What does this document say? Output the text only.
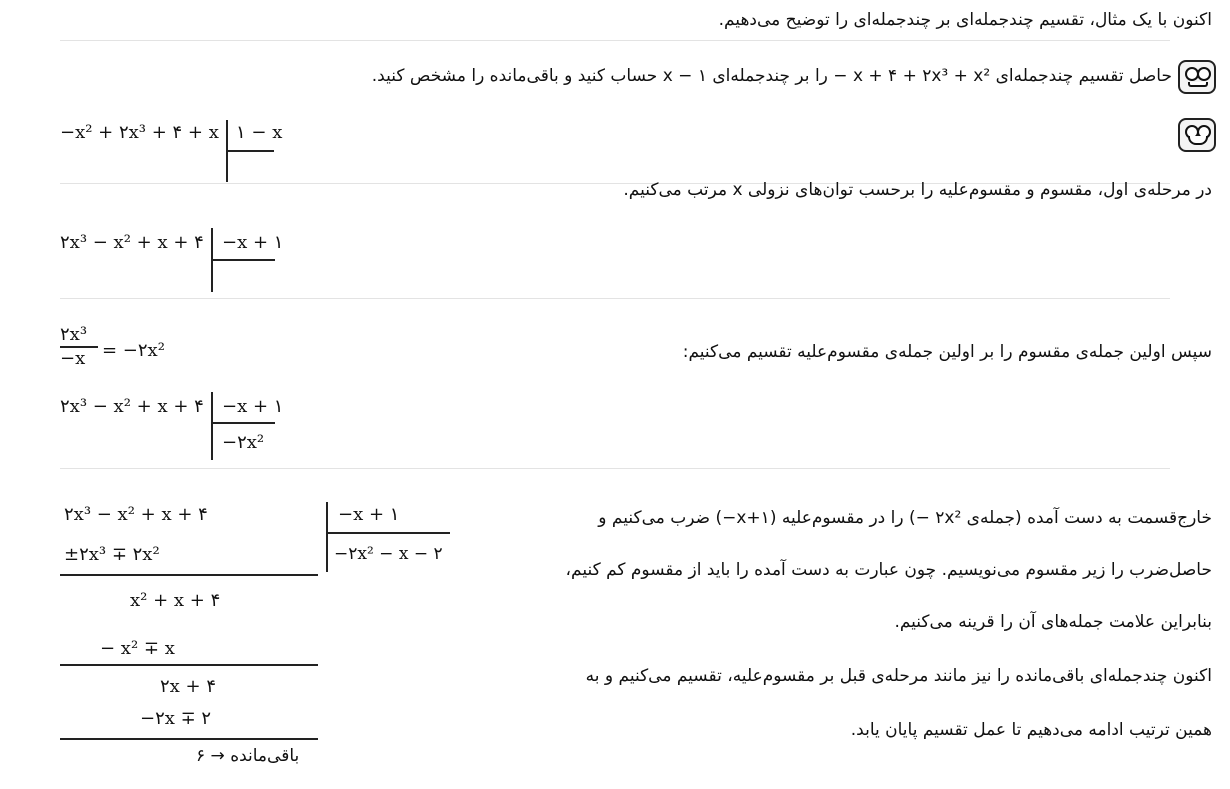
اکنون با یک مثال، تقسیم چندجمله‌ای بر چندجمله‌ای را توضیح می‌دهیم.
حاصل تقسیم چندجمله‌ای x + ۴ + ۲x³ + x² − را بر چندجمله‌ای x − ۱ حساب کنید و باقی‌مانده را مشخص کنید.
−x² + ۲x³ + ۴ + x ۱ − x
در مرحله‌ی اول، مقسوم و مقسوم‌علیه را برحسب توان‌های نزولی x مرتب می‌کنیم.
۲x³ − x² + x + ۴ −x + ۱
۲x³
−x = −۲x²	سپس اولین جمله‌ی مقسوم را بر اولین جمله‌ی مقسوم‌علیه تقسیم می‌کنیم:
۲x³ − x² + x + ۴ −x + ۱
−۲x²
۲x³ − x² + x + ۴
±۲x³ ∓ ۲x²
x² + x + ۴
− x² ∓ x
۲x + ۴
−۲x ∓ ۲
باقی‌مانده → ۶
−x + ۱
−۲x² − x − ۲
خارج‌قسمت به دست آمده (جمله‌ی ۲x² −) را در مقسوم‌علیه (۱+x−) ضرب می‌کنیم و
حاصل‌ضرب را زیر مقسوم می‌نویسیم. چون عبارت به دست آمده را باید از مقسوم کم کنیم،
بنابراین علامت جمله‌های آن را قرینه می‌کنیم.
اکنون چندجمله‌ای باقی‌مانده را نیز مانند مرحله‌ی قبل بر مقسوم‌علیه، تقسیم می‌کنیم و به
همین ترتیب ادامه می‌دهیم تا عمل تقسیم پایان یابد.
